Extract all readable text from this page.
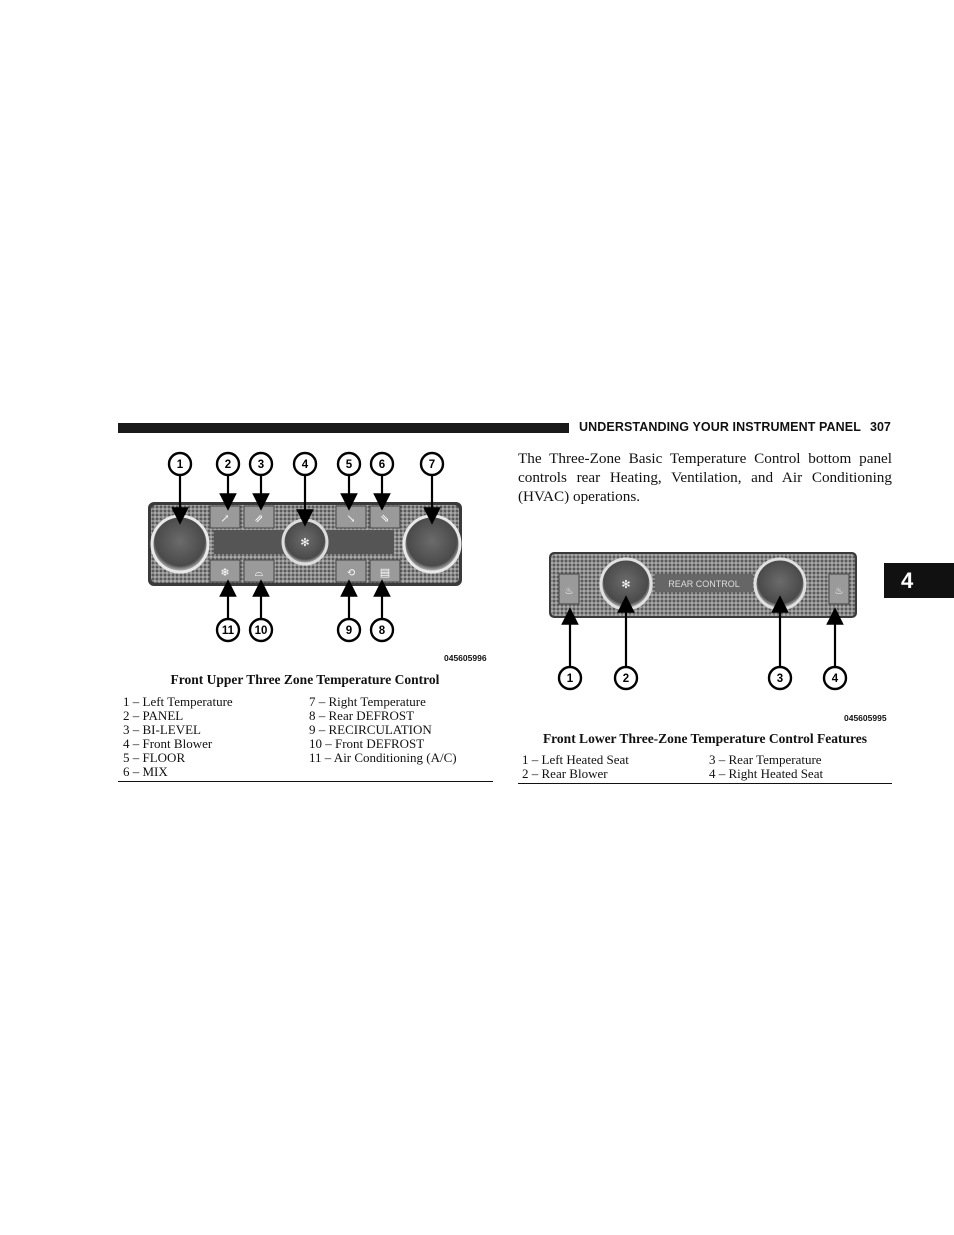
UNDERSTANDING YOUR INSTRUMENT PANEL 307
4
✻
↗ ⇗	↘ ⇘
❄ ⌓	⟲ ▤
1	2 3	4	5 6	7
11 10	9 8
045605996
Front Upper Three Zone Temperature Control
1 – Left Temperature
2 – PANEL
3 – BI-LEVEL
4 – Front Blower
5 – FLOOR
6 – MIX
7 – Right Temperature
8 – Rear DEFROST
9 – RECIRCULATION
10 – Front DEFROST
11 – Air Conditioning (A/C)
The Three-Zone Basic Temperature Control bottom panel controls rear Heating, Ventilation, and Air Conditioning (HVAC) operations.
REAR CONTROL
✻
♨	♨
1	2	3	4
045605995
Front Lower Three-Zone Temperature Control Features
1 – Left Heated Seat
2 – Rear Blower
3 – Rear Temperature
4 – Right Heated Seat
